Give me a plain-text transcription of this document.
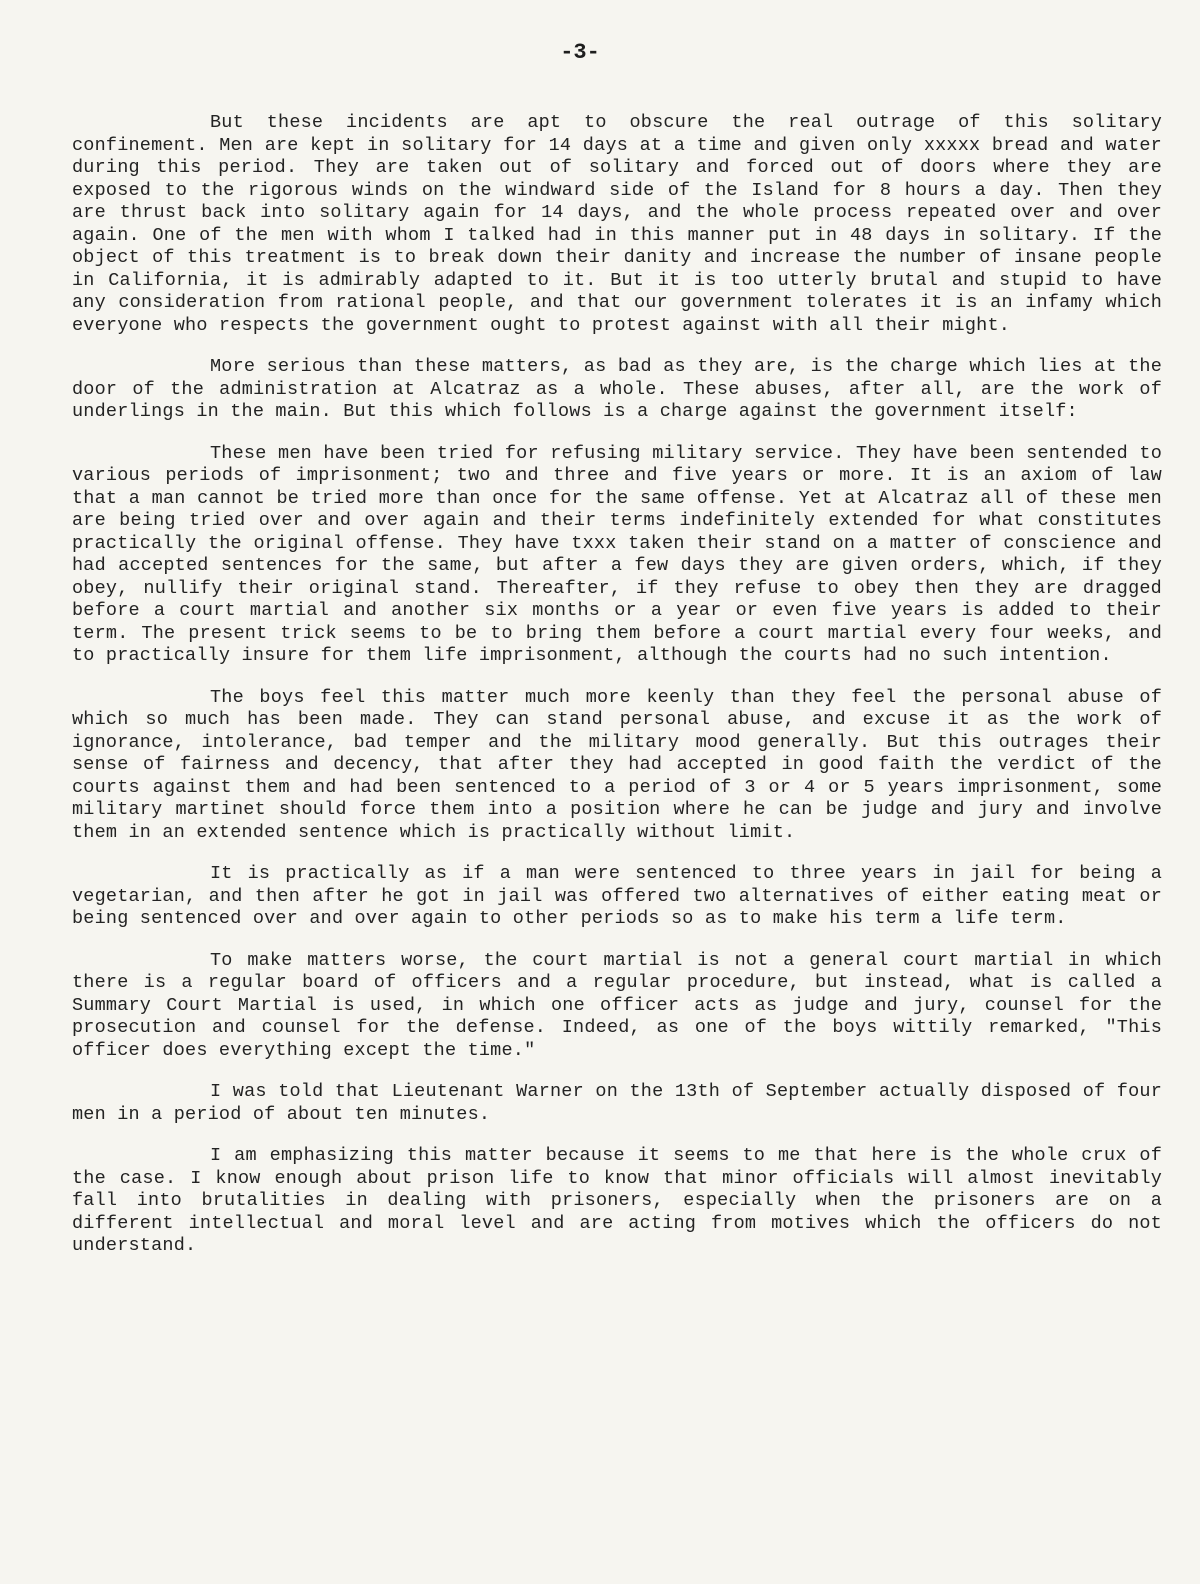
-3-

But these incidents are apt to obscure the real outrage of this solitary confinement. Men are kept in solitary for 14 days at a time and given only xxxxx bread and water during this period. They are taken out of solitary and forced out of doors where they are exposed to the rigorous winds on the windward side of the Island for 8 hours a day. Then they are thrust back into solitary again for 14 days, and the whole process repeated over and over again. One of the men with whom I talked had in this manner put in 48 days in solitary. If the object of this treatment is to break down their danity and increase the number of insane people in California, it is admirably adapted to it. But it is too utterly brutal and stupid to have any consideration from rational people, and that our government tolerates it is an infamy which everyone who respects the government ought to protest against with all their might.

More serious than these matters, as bad as they are, is the charge which lies at the door of the administration at Alcatraz as a whole. These abuses, after all, are the work of underlings in the main. But this which follows is a charge against the government itself:

These men have been tried for refusing military service. They have been sentended to various periods of imprisonment; two and three and five years or more. It is an axiom of law that a man cannot be tried more than once for the same offense. Yet at Alcatraz all of these men are being tried over and over again and their terms indefinitely extended for what constitutes practically the original offense. They have txxx taken their stand on a matter of conscience and had accepted sentences for the same, but after a few days they are given orders, which, if they obey, nullify their original stand. Thereafter, if they refuse to obey then they are dragged before a court martial and another six months or a year or even five years is added to their term. The present trick seems to be to bring them before a court martial every four weeks, and to practically insure for them life imprisonment, although the courts had no such intention.

The boys feel this matter much more keenly than they feel the personal abuse of which so much has been made. They can stand personal abuse, and excuse it as the work of ignorance, intolerance, bad temper and the military mood generally. But this outrages their sense of fairness and decency, that after they had accepted in good faith the verdict of the courts against them and had been sentenced to a period of 3 or 4 or 5 years imprisonment, some military martinet should force them into a position where he can be judge and jury and involve them in an extended sentence which is practically without limit.

It is practically as if a man were sentenced to three years in jail for being a vegetarian, and then after he got in jail was offered two alternatives of either eating meat or being sentenced over and over again to other periods so as to make his term a life term.

To make matters worse, the court martial is not a general court martial in which there is a regular board of officers and a regular procedure, but instead, what is called a Summary Court Martial is used, in which one officer acts as judge and jury, counsel for the prosecution and counsel for the defense. Indeed, as one of the boys wittily remarked, "This officer does everything except the time."

I was told that Lieutenant Warner on the 13th of September actually disposed of four men in a period of about ten minutes.

I am emphasizing this matter because it seems to me that here is the whole crux of the case. I know enough about prison life to know that minor officials will almost inevitably fall into brutalities in dealing with prisoners, especially when the prisoners are on a different intellectual and moral level and are acting from motives which the officers do not understand.
